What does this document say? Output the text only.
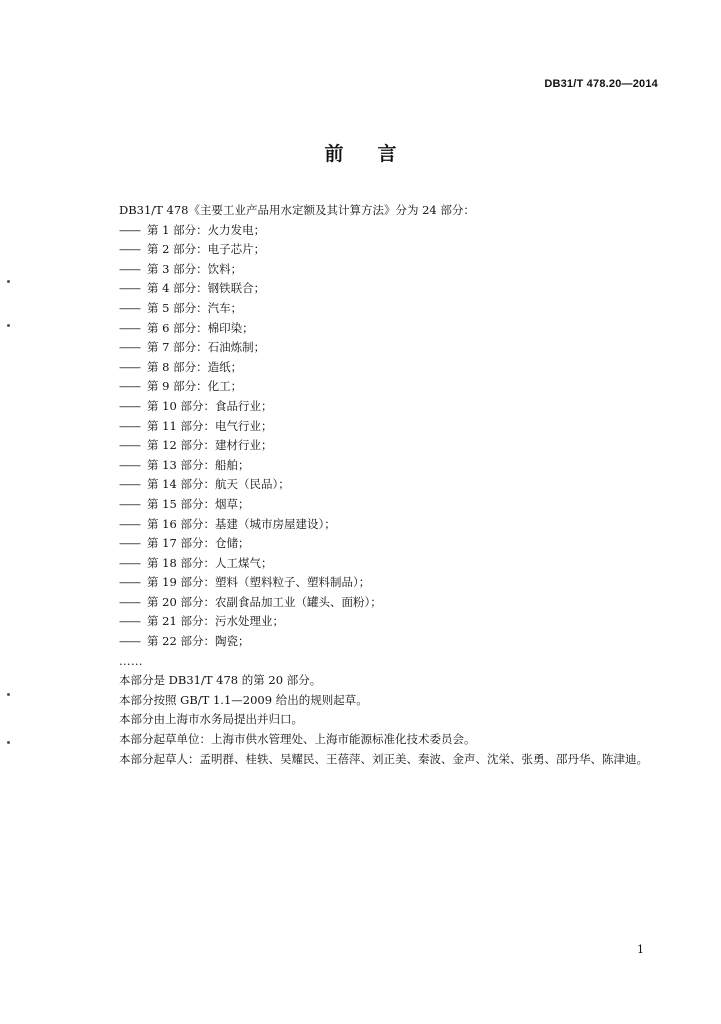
DB31/T 478.20—2014
前 言
DB31/T 478《主要工业产品用水定额及其计算方法》分为 24 部分：
—— 第 1 部分：火力发电；
—— 第 2 部分：电子芯片；
—— 第 3 部分：饮料；
—— 第 4 部分：钢铁联合；
—— 第 5 部分：汽车；
—— 第 6 部分：棉印染；
—— 第 7 部分：石油炼制；
—— 第 8 部分：造纸；
—— 第 9 部分：化工；
—— 第 10 部分：食品行业；
—— 第 11 部分：电气行业；
—— 第 12 部分：建材行业；
—— 第 13 部分：船舶；
—— 第 14 部分：航天（民品）；
—— 第 15 部分：烟草；
—— 第 16 部分：基建（城市房屋建设）；
—— 第 17 部分：仓储；
—— 第 18 部分：人工煤气；
—— 第 19 部分：塑料（塑料粒子、塑料制品）；
—— 第 20 部分：农副食品加工业（罐头、面粉）；
—— 第 21 部分：污水处理业；
—— 第 22 部分：陶瓷；
……
本部分是 DB31/T 478 的第 20 部分。
本部分按照 GB/T 1.1—2009 给出的规则起草。
本部分由上海市水务局提出并归口。
本部分起草单位：上海市供水管理处、上海市能源标准化技术委员会。
本部分起草人：孟明群、桂轶、吴耀民、王蓓萍、刘正美、秦波、金声、沈栄、张勇、邵丹华、陈津迪。
1
